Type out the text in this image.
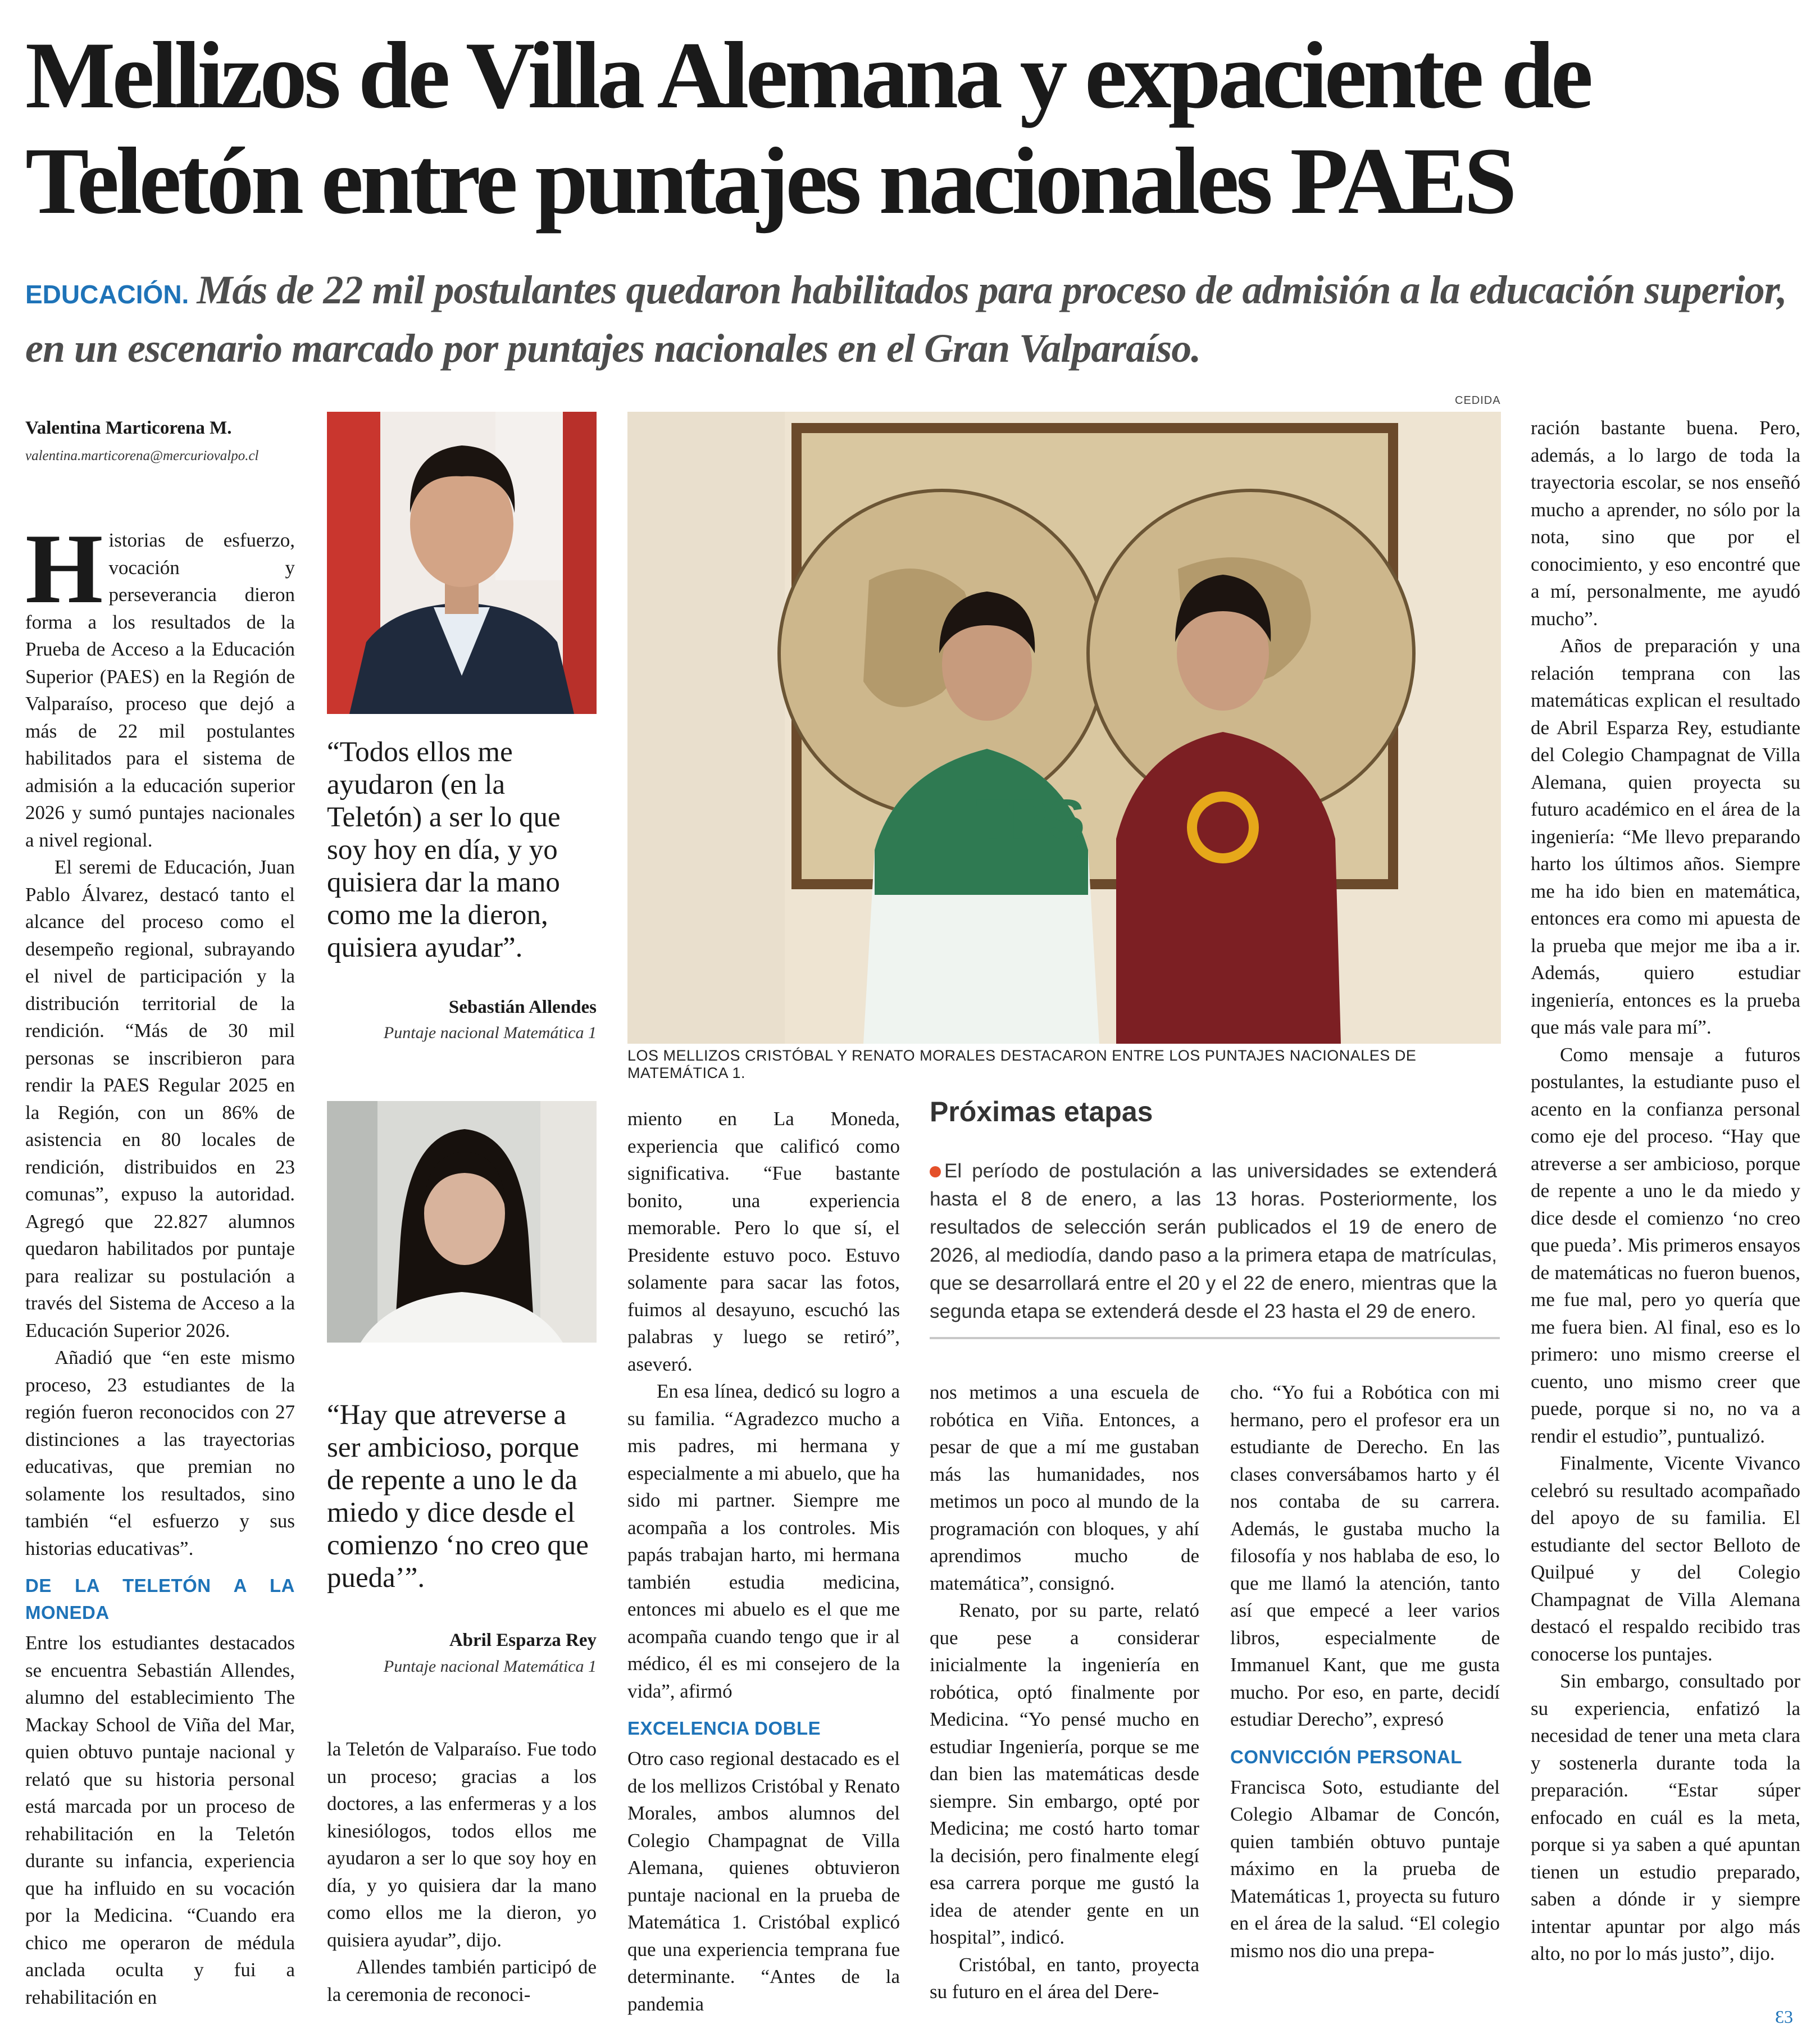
Mellizos de Villa Alemana y expaciente de Teletón entre puntajes nacionales PAES
EDUCACIÓN. Más de 22 mil postulantes quedaron habilitados para proceso de admisión a la educación superior, en un escenario marcado por puntajes nacionales en el Gran Valparaíso.
Valentina Marticorena M.
valentina.marticorena@mercuriovalpo.cl

Historias de esfuerzo, vocación y perseverancia dieron forma a los resultados de la Prueba de Acceso a la Educación Superior (PAES) en la Región de Valparaíso, proceso que dejó a más de 22 mil postulantes habilitados para el sistema de admisión a la educación superior 2026 y sumó puntajes nacionales a nivel regional.

El seremi de Educación, Juan Pablo Álvarez, destacó tanto el alcance del proceso como el desempeño regional, subrayando el nivel de participación y la distribución territorial de la rendición. “Más de 30 mil personas se inscribieron para rendir la PAES Regular 2025 en la Región, con un 86% de asistencia en 80 locales de rendición, distribuidos en 23 comunas”, expuso la autoridad. Agregó que 22.827 alumnos quedaron habilitados por puntaje para realizar su postulación a través del Sistema de Acceso a la Educación Superior 2026.

Añadió que “en este mismo proceso, 23 estudiantes de la región fueron reconocidos con 27 distinciones a las trayectorias educativas, que premian no solamente los resultados, sino también “el esfuerzo y sus historias educativas”.

DE LA TELETÓN A LA MONEDA

Entre los estudiantes destacados se encuentra Sebastián Allendes, alumno del establecimiento The Mackay School de Viña del Mar, quien obtuvo puntaje nacional y relató que su historia personal está marcada por un proceso de rehabilitación en la Teletón durante su infancia, experiencia que ha influido en su vocación por la Medicina. “Cuando era chico me operaron de médula anclada oculta y fui a rehabilitación en

“Todos ellos me ayudaron (en la Teletón) a ser lo que soy hoy en día, y yo quisiera dar la mano como me la dieron, quisiera ayudar”.
Sebastián Allendes
Puntaje nacional Matemática 1
“Hay que atreverse a ser ambicioso, porque de repente a uno le da miedo y dice desde el comienzo ‘no creo que pueda’”.
Abril Esparza Rey
Puntaje nacional Matemática 1

la Teletón de Valparaíso. Fue todo un proceso; gracias a los doctores, a las enfermeras y a los kinesiólogos, todos ellos me ayudaron a ser lo que soy hoy en día, y yo quisiera dar la mano como ellos me la dieron, yo quisiera ayudar”, dijo.

Allendes también participó de la ceremonia de reconoci-

CEDIDA
TPS
LOS MELLIZOS CRISTÓBAL Y RENATO MORALES DESTACARON ENTRE LOS PUNTAJES NACIONALES DE MATEMÁTICA 1.

miento en La Moneda, experiencia que calificó como significativa. “Fue bastante bonito, una experiencia memorable. Pero lo que sí, el Presidente estuvo poco. Estuvo solamente para sacar las fotos, fuimos al desayuno, escuchó las palabras y luego se retiró”, aseveró.

En esa línea, dedicó su logro a su familia. “Agradezco mucho a mis padres, mi hermana y especialmente a mi abuelo, que ha sido mi partner. Siempre me acompaña a los controles. Mis papás trabajan harto, mi hermana también estudia medicina, entonces mi abuelo es el que me acompaña cuando tengo que ir al médico, él es mi consejero de la vida”, afirmó

EXCELENCIA DOBLE

Otro caso regional destacado es el de los mellizos Cristóbal y Renato Morales, ambos alumnos del Colegio Champagnat de Villa Alemana, quienes obtuvieron puntaje nacional en la prueba de Matemática 1. Cristóbal explicó que una experiencia temprana fue determinante. “Antes de la pandemia

Próximas etapas
El período de postulación a las universidades se extenderá hasta el 8 de enero, a las 13 horas. Posteriormente, los resultados de selección serán publicados el 19 de enero de 2026, al mediodía, dando paso a la primera etapa de matrículas, que se desarrollará entre el 20 y el 22 de enero, mientras que la segunda etapa se extenderá desde el 23 hasta el 29 de enero.

nos metimos a una escuela de robótica en Viña. Entonces, a pesar de que a mí me gustaban más las humanidades, nos metimos un poco al mundo de la programación con bloques, y ahí aprendimos mucho de matemática”, consignó.

Renato, por su parte, relató que pese a considerar inicialmente la ingeniería en robótica, optó finalmente por Medicina. “Yo pensé mucho en estudiar Ingeniería, porque se me dan bien las matemáticas desde siempre. Sin embargo, opté por Medicina; me costó harto tomar la decisión, pero finalmente elegí esa carrera porque me gustó la idea de atender gente en un hospital”, indicó.

Cristóbal, en tanto, proyecta su futuro en el área del Dere-

cho. “Yo fui a Robótica con mi hermano, pero el profesor era un estudiante de Derecho. En las clases conversábamos harto y él nos contaba de su carrera. Además, le gustaba mucho la filosofía y nos hablaba de eso, lo que me llamó la atención, tanto así que empecé a leer varios libros, especialmente de Immanuel Kant, que me gusta mucho. Por eso, en parte, decidí estudiar Derecho”, expresó

CONVICCIÓN PERSONAL

Francisca Soto, estudiante del Colegio Albamar de Concón, quien también obtuvo puntaje máximo en la prueba de Matemáticas 1, proyecta su futuro en el área de la salud. “El colegio mismo nos dio una prepa-

ración bastante buena. Pero, además, a lo largo de toda la trayectoria escolar, se nos enseñó mucho a aprender, no sólo por la nota, sino que por el conocimiento, y eso encontré que a mí, personalmente, me ayudó mucho”.

Años de preparación y una relación temprana con las matemáticas explican el resultado de Abril Esparza Rey, estudiante del Colegio Champagnat de Villa Alemana, quien proyecta su futuro académico en el área de la ingeniería: “Me llevo preparando harto los últimos años. Siempre me ha ido bien en matemática, entonces era como mi apuesta de la prueba que mejor me iba a ir. Además, quiero estudiar ingeniería, entonces es la prueba que más vale para mí”.

Como mensaje a futuros postulantes, la estudiante puso el acento en la confianza personal como eje del proceso. “Hay que atreverse a ser ambicioso, porque de repente a uno le da miedo y dice desde el comienzo ‘no creo que pueda’. Mis primeros ensayos de matemáticas no fueron buenos, me fue mal, pero yo quería que me fuera bien. Al final, eso es lo primero: uno mismo creerse el cuento, uno mismo creer que puede, porque si no, no va a rendir el estudio”, puntualizó.

Finalmente, Vicente Vivanco celebró su resultado acompañado del apoyo de su familia. El estudiante del sector Belloto de Quilpué y del Colegio Champagnat de Villa Alemana destacó el respaldo recibido tras conocerse los puntajes.

Sin embargo, consultado por su experiencia, enfatizó la necesidad de tener una meta clara y sostenerla durante toda la preparación. “Estar súper enfocado en cuál es la meta, porque si ya saben a qué apuntan tienen un estudio preparado, saben a dónde ir y siempre intentar apuntar por algo más alto, no por lo más justo”, dijo.

Ɛ3
